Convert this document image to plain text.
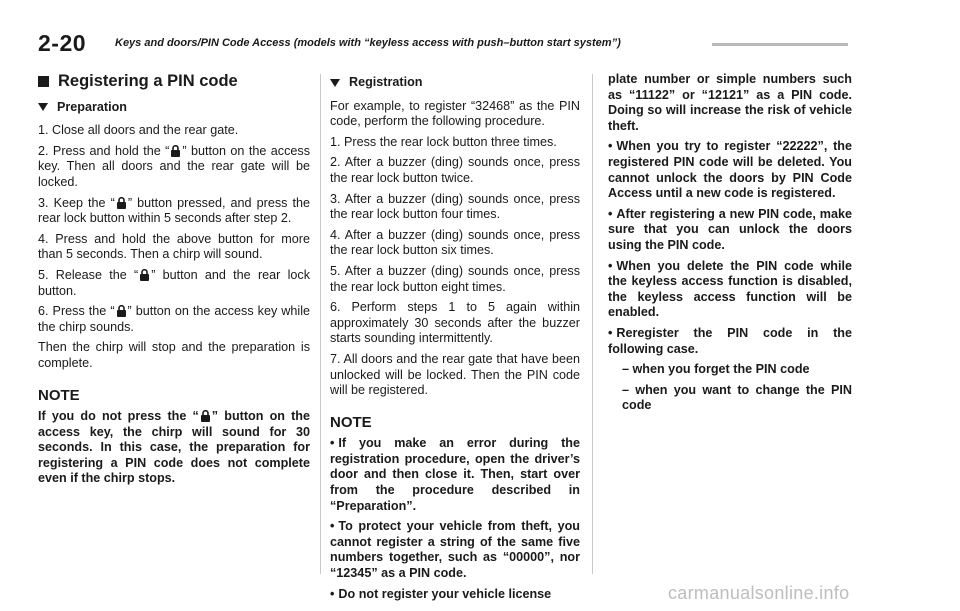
2-20	Keys and doors/PIN Code Access (models with “keyless access with push–button start system”)
Registering a PIN code
Preparation

1. Close all doors and the rear gate.

2. Press and hold the “ ” button on the access key. Then all doors and the rear gate will be locked.

3. Keep the “ ” button pressed, and press the rear lock button within 5 seconds after step 2.

4. Press and hold the above button for more than 5 seconds. Then a chirp will sound.

5. Release the “ ” button and the rear lock button.

6. Press the “ ” button on the access key while the chirp sounds.

Then the chirp will stop and the preparation is complete.

NOTE

If you do not press the “ ” button on the access key, the chirp will sound for 30 seconds. In this case, the preparation for registering a PIN code does not complete even if the chirp stops.

Registration

For example, to register “32468” as the PIN code, perform the following procedure.

1. Press the rear lock button three times.

2. After a buzzer (ding) sounds once, press the rear lock button twice.

3. After a buzzer (ding) sounds once, press the rear lock button four times.

4. After a buzzer (ding) sounds once, press the rear lock button six times.

5. After a buzzer (ding) sounds once, press the rear lock button eight times.

6. Perform steps 1 to 5 again within approximately 30 seconds after the buzzer starts sounding intermittently.

7. All doors and the rear gate that have been unlocked will be locked. Then the PIN code will be registered.

NOTE

• If you make an error during the registration procedure, open the driver’s door and then close it. Then, start over from the procedure described in “Preparation”.

• To protect your vehicle from theft, you cannot register a string of the same five numbers together, such as “00000”, nor “12345” as a PIN code.

• Do not register your vehicle license

plate number or simple numbers such as “11122” or “12121” as a PIN code. Doing so will increase the risk of vehicle theft.

• When you try to register “22222”, the registered PIN code will be deleted. You cannot unlock the doors by PIN Code Access until a new code is registered.

• After registering a new PIN code, make sure that you can unlock the doors using the PIN code.

• When you delete the PIN code while the keyless access function is disabled, the keyless access function will be enabled.

• Reregister the PIN code in the following case.

– when you forget the PIN code

– when you want to change the PIN code

carmanualsonline.info
